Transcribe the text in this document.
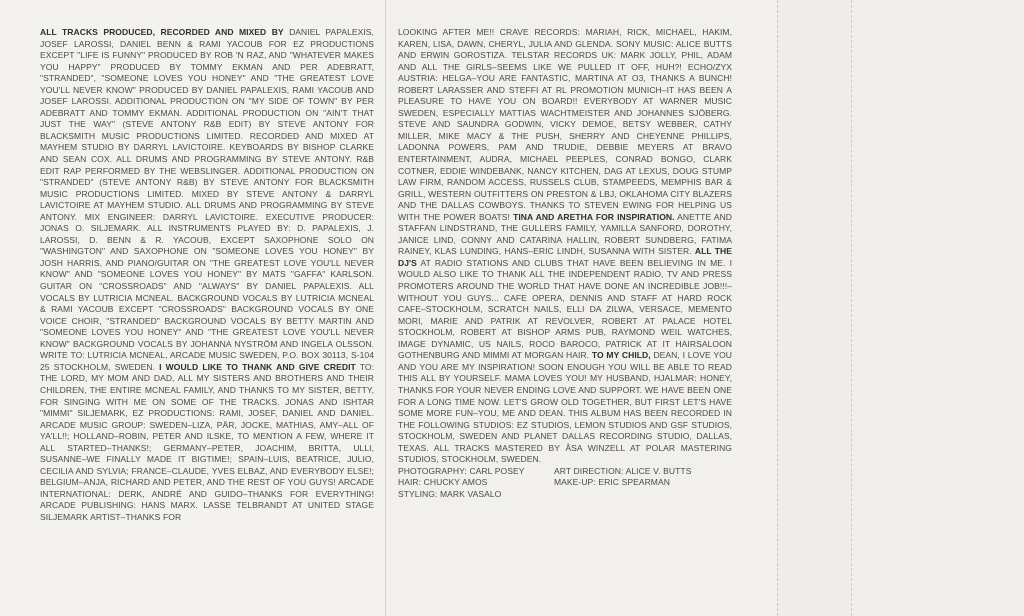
ALL TRACKS PRODUCED, RECORDED AND MIXED BY DANIEL PAPALEXIS, JOSEF LAROSSI, DANIEL BENN & RAMI YACOUB FOR EZ PRODUCTIONS EXCEPT "LIFE IS FUNNY" PRODUCED BY ROB 'N RAZ, AND "WHATEVER MAKES YOU HAPPY" PRODUCED BY TOMMY EKMAN AND PER ADEBRATT, "STRANDED", "SOMEONE LOVES YOU HONEY" AND "THE GREATEST LOVE YOU'LL NEVER KNOW" PRODUCED BY DANIEL PAPALEXIS, RAMI YACOUB AND JOSEF LAROSSI. ADDITIONAL PRODUCTION ON "MY SIDE OF TOWN" BY PER ADEBRATT AND TOMMY EKMAN. ADDITIONAL PRODUCTION ON "AIN'T THAT JUST THE WAY" (STEVE ANTONY R&B EDIT) BY STEVE ANTONY FOR BLACKSMITH MUSIC PRODUCTIONS LIMITED. RECORDED AND MIXED AT MAYHEM STUDIO BY DARRYL LAVICTOIRE. KEYBOARDS BY BISHOP CLARKE AND SEAN COX. ALL DRUMS AND PROGRAMMING BY STEVE ANTONY. R&B EDIT RAP PERFORMED BY THE WEBSLINGER. ADDITIONAL PRODUCTION ON "STRANDED" (STEVE ANTONY R&B) BY STEVE ANTONY FOR BLACKSMITH MUSIC PRODUCTIONS LIMITED. MIXED BY STEVE ANTONY & DARRYL LAVICTOIRE AT MAYHEM STUDIO. ALL DRUMS AND PROGRAMMING BY STEVE ANTONY. MIX ENGINEER: DARRYL LAVICTOIRE. EXECUTIVE PRODUCER: JONAS O. SILJEMARK. ALL INSTRUMENTS PLAYED BY: D. PAPALEXIS, J. LAROSSI, D. BENN & R. YACOUB, EXCEPT SAXOPHONE SOLO ON "WASHINGTON" AND SAXOPHONE ON "SOMEONE LOVES YOU HONEY" BY JOSH HARRIS, AND PIANO/GUITAR ON "THE GREATEST LOVE YOU'LL NEVER KNOW" AND "SOMEONE LOVES YOU HONEY" BY MATS "GAFFA" KARLSON. GUITAR ON "CROSSROADS" AND "ALWAYS" BY DANIEL PAPALEXIS. ALL VOCALS BY LUTRICIA MCNEAL. BACKGROUND VOCALS BY LUTRICIA MCNEAL & RAMI YACOUB EXCEPT "CROSSROADS" BACKGROUND VOCALS BY ONE VOICE CHOIR, "STRANDED" BACKGROUND VOCALS BY BETTY MARTIN AND "SOMEONE LOVES YOU HONEY" AND "THE GREATEST LOVE YOU'LL NEVER KNOW" BACKGROUND VOCALS BY JOHANNA NYSTRÖM AND INGELA OLSSON. WRITE TO: LUTRICIA MCNEAL, ARCADE MUSIC SWEDEN, P.O. BOX 30113, S-104 25 STOCKHOLM, SWEDEN. I WOULD LIKE TO THANK AND GIVE CREDIT TO: THE LORD, MY MOM AND DAD, ALL MY SISTERS AND BROTHERS AND THEIR CHILDREN, THE ENTIRE MCNEAL FAMILY, AND THANKS TO MY SISTER, BETTY, FOR SINGING WITH ME ON SOME OF THE TRACKS. JONAS AND ISHTAR "MIMMI" SILJEMARK, EZ PRODUCTIONS: RAMI, JOSEF, DANIEL AND DANIEL. ARCADE MUSIC GROUP: SWEDEN–LIZA, PÄR, JOCKE, MATHIAS, AMY–ALL OF YA'LL!!; HOLLAND–ROBIN, PETER AND ILSKE, TO MENTION A FEW, WHERE IT ALL STARTED–THANKS!; GERMANY–PETER, JOACHIM, BRITTA, ULLI, SUSANNE–WE FINALLY MADE IT BIGTIME!; SPAIN–LUIS, BEATRICE, JULIO, CECILIA AND SYLVIA; FRANCE–CLAUDE, YVES ELBAZ, AND EVERYBODY ELSE!; BELGIUM–ANJA, RICHARD AND PETER, AND THE REST OF YOU GUYS! ARCADE INTERNATIONAL: DERK, ANDRÉ AND GUIDO–THANKS FOR EVERYTHING! ARCADE PUBLISHING: HANS MARX. LASSE TELBRANDT AT UNITED STAGE SILJEMARK ARTIST–THANKS FOR

LOOKING AFTER ME!! CRAVE RECORDS: MARIAH, RICK, MICHAEL, HAKIM, KAREN, LISA, DAWN, CHERYL, JULIA AND GLENDA. SONY MUSIC: ALICE BUTTS AND ERWIN GOROSTIZA. TELSTAR RECORDS UK: MARK JOLLY, PHIL, ADAM AND ALL THE GIRLS–SEEMS LIKE WE PULLED IT OFF, HUH?! ECHO/ZYX AUSTRIA: HELGA–YOU ARE FANTASTIC, MARTINA AT O3, THANKS A BUNCH! ROBERT LARASSER AND STEFFI AT RL PROMOTION MUNICH–IT HAS BEEN A PLEASURE TO HAVE YOU ON BOARD!! EVERYBODY AT WARNER MUSIC SWEDEN, ESPECIALLY MATTIAS WACHTMEISTER AND JOHANNES SJÖBERG. STEVE AND SAUNDRA GODWIN, VICKY DEMOE, BETSY WEBBER, CATHY MILLER, MIKE MACY & THE PUSH, SHERRY AND CHEYENNE PHILLIPS, LADONNA POWERS, PAM AND TRUDIE, DEBBIE MEYERS AT BRAVO ENTERTAINMENT, AUDRA, MICHAEL PEEPLES, CONRAD BONGO, CLARK COTNER, EDDIE WINDEBANK, NANCY KITCHEN, DAG AT LEXUS, DOUG STUMP LAW FIRM, RANDOM ACCESS, RUSSELS CLUB, STAMPEEDS, MEMPHIS BAR & GRILL, WESTERN OUTFITTERS ON PRESTON & LBJ, OKLAHOMA CITY BLAZERS AND THE DALLAS COWBOYS. THANKS TO STEVEN EWING FOR HELPING US WITH THE POWER BOATS! TINA AND ARETHA FOR INSPIRATION. ANETTE AND STAFFAN LINDSTRAND, THE GULLERS FAMILY, YAMILLA SANFORD, DOROTHY, JANICE LIND, CONNY AND CATARINA HALLIN, ROBERT SUNDBERG, FATIMA RAINEY, KLAS LUNDING, HANS–ERIC LINDH, SUSANNA WITH SISTER. ALL THE DJ'S AT RADIO STATIONS AND CLUBS THAT HAVE BEEN BELIEVING IN ME. I WOULD ALSO LIKE TO THANK ALL THE INDEPENDENT RADIO, TV AND PRESS PROMOTERS AROUND THE WORLD THAT HAVE DONE AN INCREDIBLE JOB!!!–WITHOUT YOU GUYS... CAFE OPERA, DENNIS AND STAFF AT HARD ROCK CAFE–STOCKHOLM, SCRATCH NAILS, ELLI DA ZILWA, VERSACE, MEMENTO MORI, MARIE AND PATRIK AT REVOLVER, ROBERT AT PALACE HOTEL STOCKHOLM, ROBERT AT BISHOP ARMS PUB, RAYMOND WEIL WATCHES, IMAGE DYNAMIC, US NAILS, ROCO BAROCO, PATRICK AT IT HAIRSALOON GOTHENBURG AND MIMMI AT MORGAN HAIR. TO MY CHILD, DEAN, I LOVE YOU AND YOU ARE MY INSPIRATION! SOON ENOUGH YOU WILL BE ABLE TO READ THIS ALL BY YOURSELF. MAMA LOVES YOU! MY HUSBAND, HJALMAR: HONEY, THANKS FOR YOUR NEVER ENDING LOVE AND SUPPORT. WE HAVE BEEN ONE FOR A LONG TIME NOW. LET'S GROW OLD TOGETHER, BUT FIRST LET'S HAVE SOME MORE FUN–YOU, ME AND DEAN. THIS ALBUM HAS BEEN RECORDED IN THE FOLLOWING STUDIOS: EZ STUDIOS, LEMON STUDIOS AND GSF STUDIOS, STOCKHOLM, SWEDEN AND PLANET DALLAS RECORDING STUDIO, DALLAS, TEXAS. ALL TRACKS MASTERED BY ÅSA WINZELL AT POLAR MASTERING STUDIOS, STOCKHOLM, SWEDEN.

PHOTOGRAPHY: CARL POSEY	ART DIRECTION: ALICE V. BUTTS
HAIR: CHUCKY AMOS	MAKE-UP: ERIC SPEARMAN
STYLING: MARK VASALO
